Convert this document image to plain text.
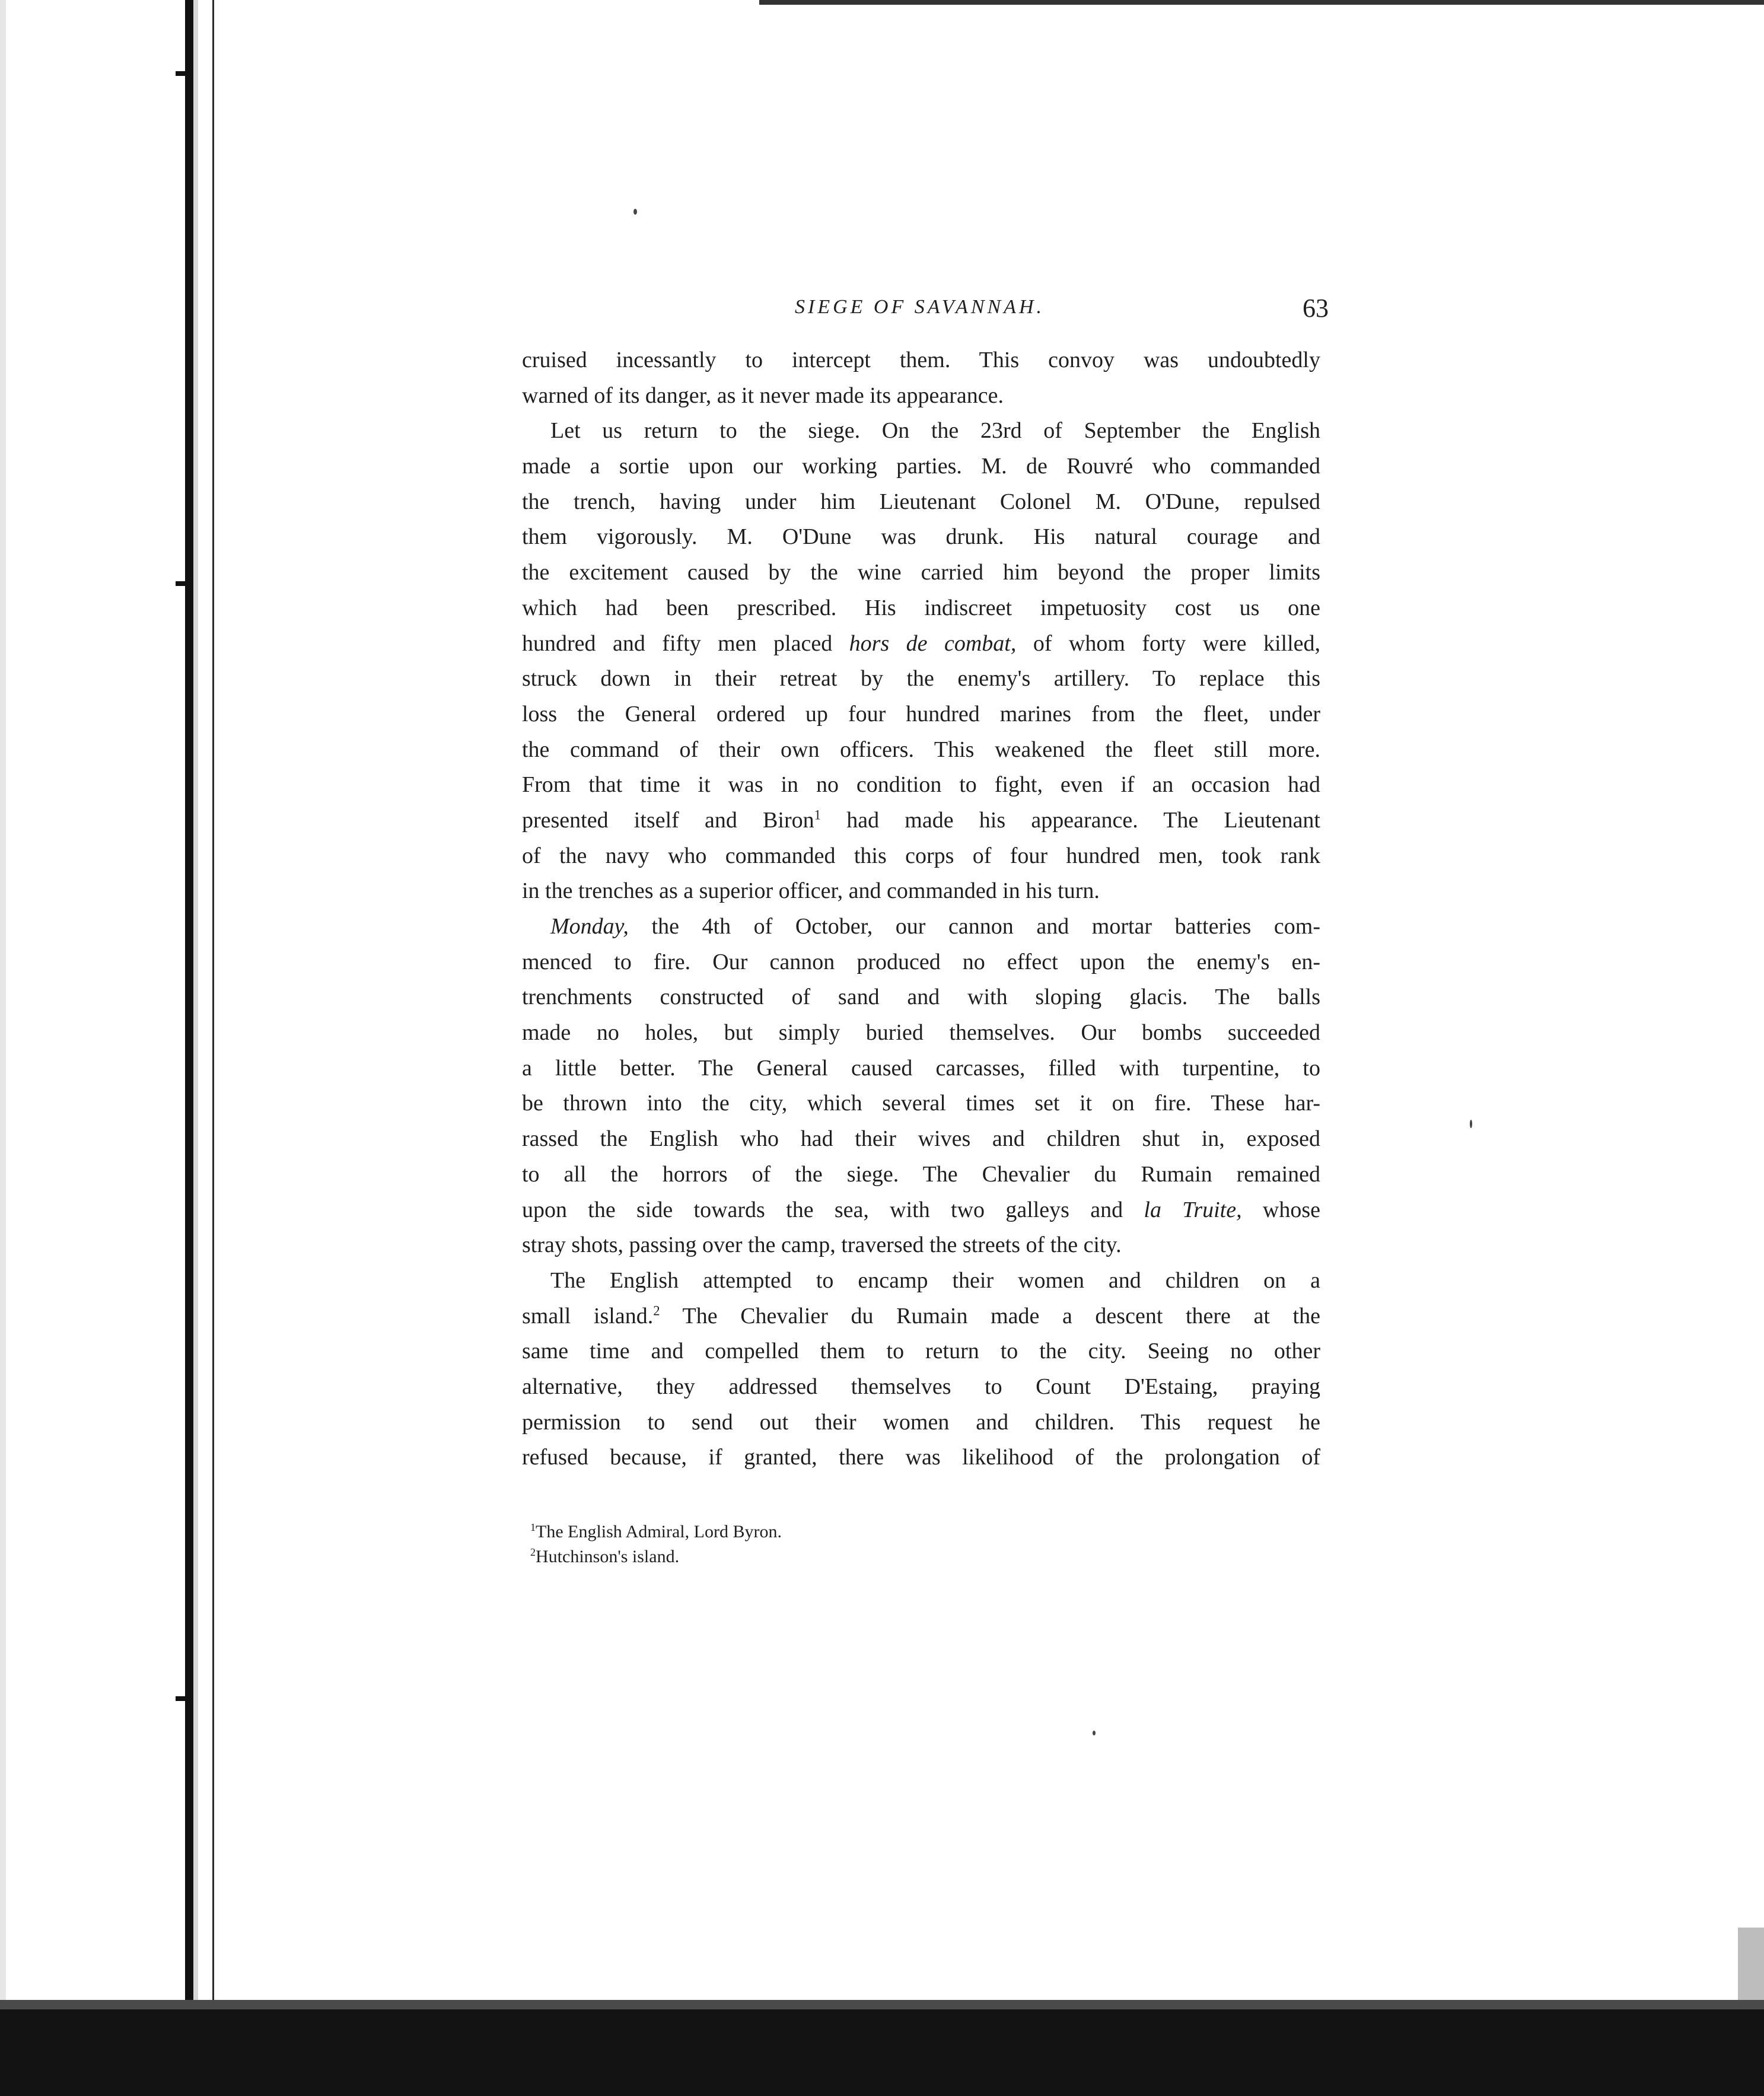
SIEGE OF SAVANNAH.	63
cruised incessantly to intercept them. This convoy was undoubtedly
warned of its danger, as it never made its appearance.
Let us return to the siege. On the 23rd of September the English
made a sortie upon our working parties. M. de Rouvré who commanded
the trench, having under him Lieutenant Colonel M. O'Dune, repulsed
them vigorously. M. O'Dune was drunk. His natural courage and
the excitement caused by the wine carried him beyond the proper limits
which had been prescribed. His indiscreet impetuosity cost us one
hundred and fifty men placed hors de combat, of whom forty were killed,
struck down in their retreat by the enemy's artillery. To replace this
loss the General ordered up four hundred marines from the fleet, under
the command of their own officers. This weakened the fleet still more.
From that time it was in no condition to fight, even if an occasion had
presented itself and Biron$^1$ had made his appearance. The Lieutenant
of the navy who commanded this corps of four hundred men, took rank
in the trenches as a superior officer, and commanded in his turn.
Monday, the 4th of October, our cannon and mortar batteries com-
menced to fire. Our cannon produced no effect upon the enemy's en-
trenchments constructed of sand and with sloping glacis. The balls
made no holes, but simply buried themselves. Our bombs succeeded
a little better. The General caused carcasses, filled with turpentine, to
be thrown into the city, which several times set it on fire. These har-
rassed the English who had their wives and children shut in, exposed
to all the horrors of the siege. The Chevalier du Rumain remained
upon the side towards the sea, with two galleys and la Truite, whose
stray shots, passing over the camp, traversed the streets of the city.
The English attempted to encamp their women and children on a
small island.$^2$ The Chevalier du Rumain made a descent there at the
same time and compelled them to return to the city. Seeing no other
alternative, they addressed themselves to Count D'Estaing, praying
permission to send out their women and children. This request he
refused because, if granted, there was likelihood of the prolongation of
$^1$The English Admiral, Lord Byron.
$^2$Hutchinson's island.
